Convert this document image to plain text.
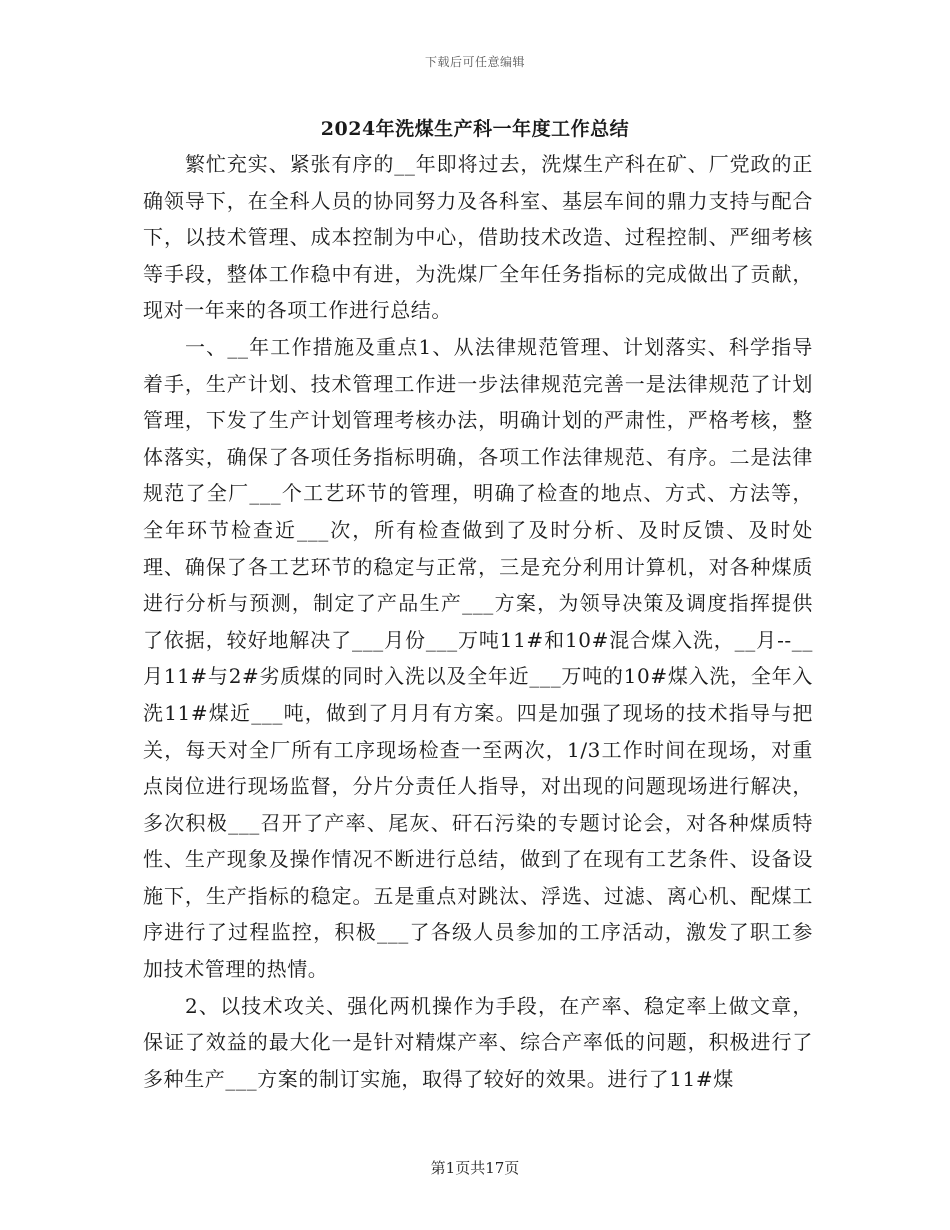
下载后可任意编辑
2024年洗煤生产科一年度工作总结

繁忙充实、紧张有序的__年即将过去，洗煤生产科在矿、厂党政的正确领导下，在全科人员的协同努力及各科室、基层车间的鼎力支持与配合下，以技术管理、成本控制为中心，借助技术改造、过程控制、严细考核等手段，整体工作稳中有进，为洗煤厂全年任务指标的完成做出了贡献，现对一年来的各项工作进行总结。

一、__年工作措施及重点1、从法律规范管理、计划落实、科学指导着手，生产计划、技术管理工作进一步法律规范完善一是法律规范了计划管理，下发了生产计划管理考核办法，明确计划的严肃性，严格考核，整体落实，确保了各项任务指标明确，各项工作法律规范、有序。二是法律规范了全厂___个工艺环节的管理，明确了检查的地点、方式、方法等，全年环节检查近___次，所有检查做到了及时分析、及时反馈、及时处理、确保了各工艺环节的稳定与正常，三是充分利用计算机，对各种煤质进行分析与预测，制定了产品生产___方案，为领导决策及调度指挥提供了依据，较好地解决了___月份___万吨11#和10#混合煤入洗，__月--__月11#与2#劣质煤的同时入洗以及全年近___万吨的10#煤入洗，全年入洗11#煤近___吨，做到了月月有方案。四是加强了现场的技术指导与把关，每天对全厂所有工序现场检查一至两次，1/3工作时间在现场，对重点岗位进行现场监督，分片分责任人指导，对出现的问题现场进行解决，多次积极___召开了产率、尾灰、矸石污染的专题讨论会，对各种煤质特性、生产现象及操作情况不断进行总结，做到了在现有工艺条件、设备设施下，生产指标的稳定。五是重点对跳汰、浮选、过滤、离心机、配煤工序进行了过程监控，积极___了各级人员参加的工序活动，激发了职工参加技术管理的热情。

2、以技术攻关、强化两机操作为手段，在产率、稳定率上做文章，保证了效益的最大化一是针对精煤产率、综合产率低的问题，积极进行了多种生产___方案的制订实施，取得了较好的效果。进行了11#煤

第1页共17页
